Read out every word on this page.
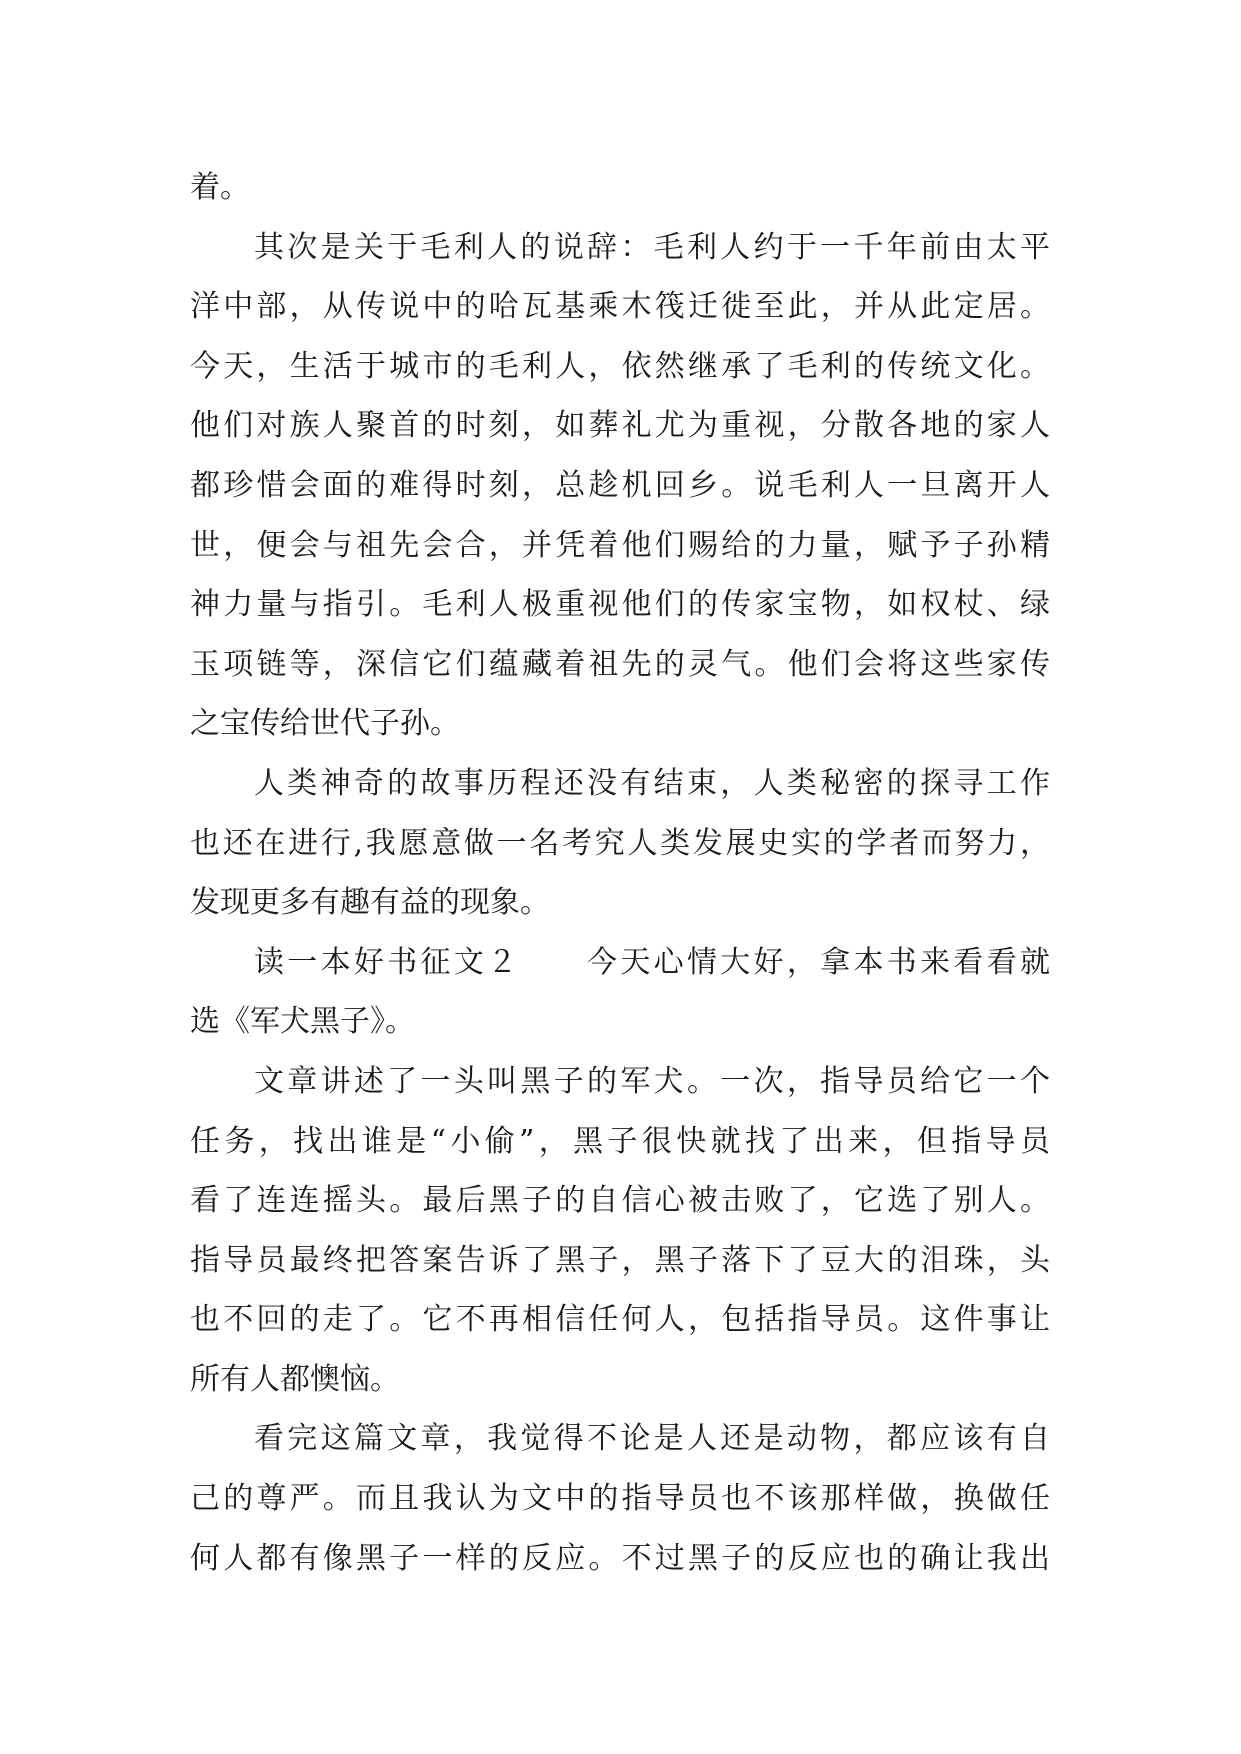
着。
其次是关于毛利人的说辞：毛利人约于一千年前由太平
洋中部，从传说中的哈瓦基乘木筏迁徙至此，并从此定居。
今天，生活于城市的毛利人，依然继承了毛利的传统文化。
他们对族人聚首的时刻，如葬礼尤为重视，分散各地的家人
都珍惜会面的难得时刻，总趁机回乡。说毛利人一旦离开人
世，便会与祖先会合，并凭着他们赐给的力量，赋予子孙精
神力量与指引。毛利人极重视他们的传家宝物，如权杖、绿
玉项链等，深信它们蕴藏着祖先的灵气。他们会将这些家传
之宝传给世代子孙。
人类神奇的故事历程还没有结束，人类秘密的探寻工作
也还在进行,我愿意做一名考究人类发展史实的学者而努力，
发现更多有趣有益的现象。
读一本好书征文２　　今天心情大好，拿本书来看看就
选《军犬黑子》。
文章讲述了一头叫黑子的军犬。一次，指导员给它一个
任务，找出谁是“小偷”，黑子很快就找了出来，但指导员
看了连连摇头。最后黑子的自信心被击败了，它选了别人。
指导员最终把答案告诉了黑子，黑子落下了豆大的泪珠，头
也不回的走了。它不再相信任何人，包括指导员。这件事让
所有人都懊恼。
看完这篇文章，我觉得不论是人还是动物，都应该有自
己的尊严。而且我认为文中的指导员也不该那样做，换做任
何人都有像黑子一样的反应。不过黑子的反应也的确让我出
